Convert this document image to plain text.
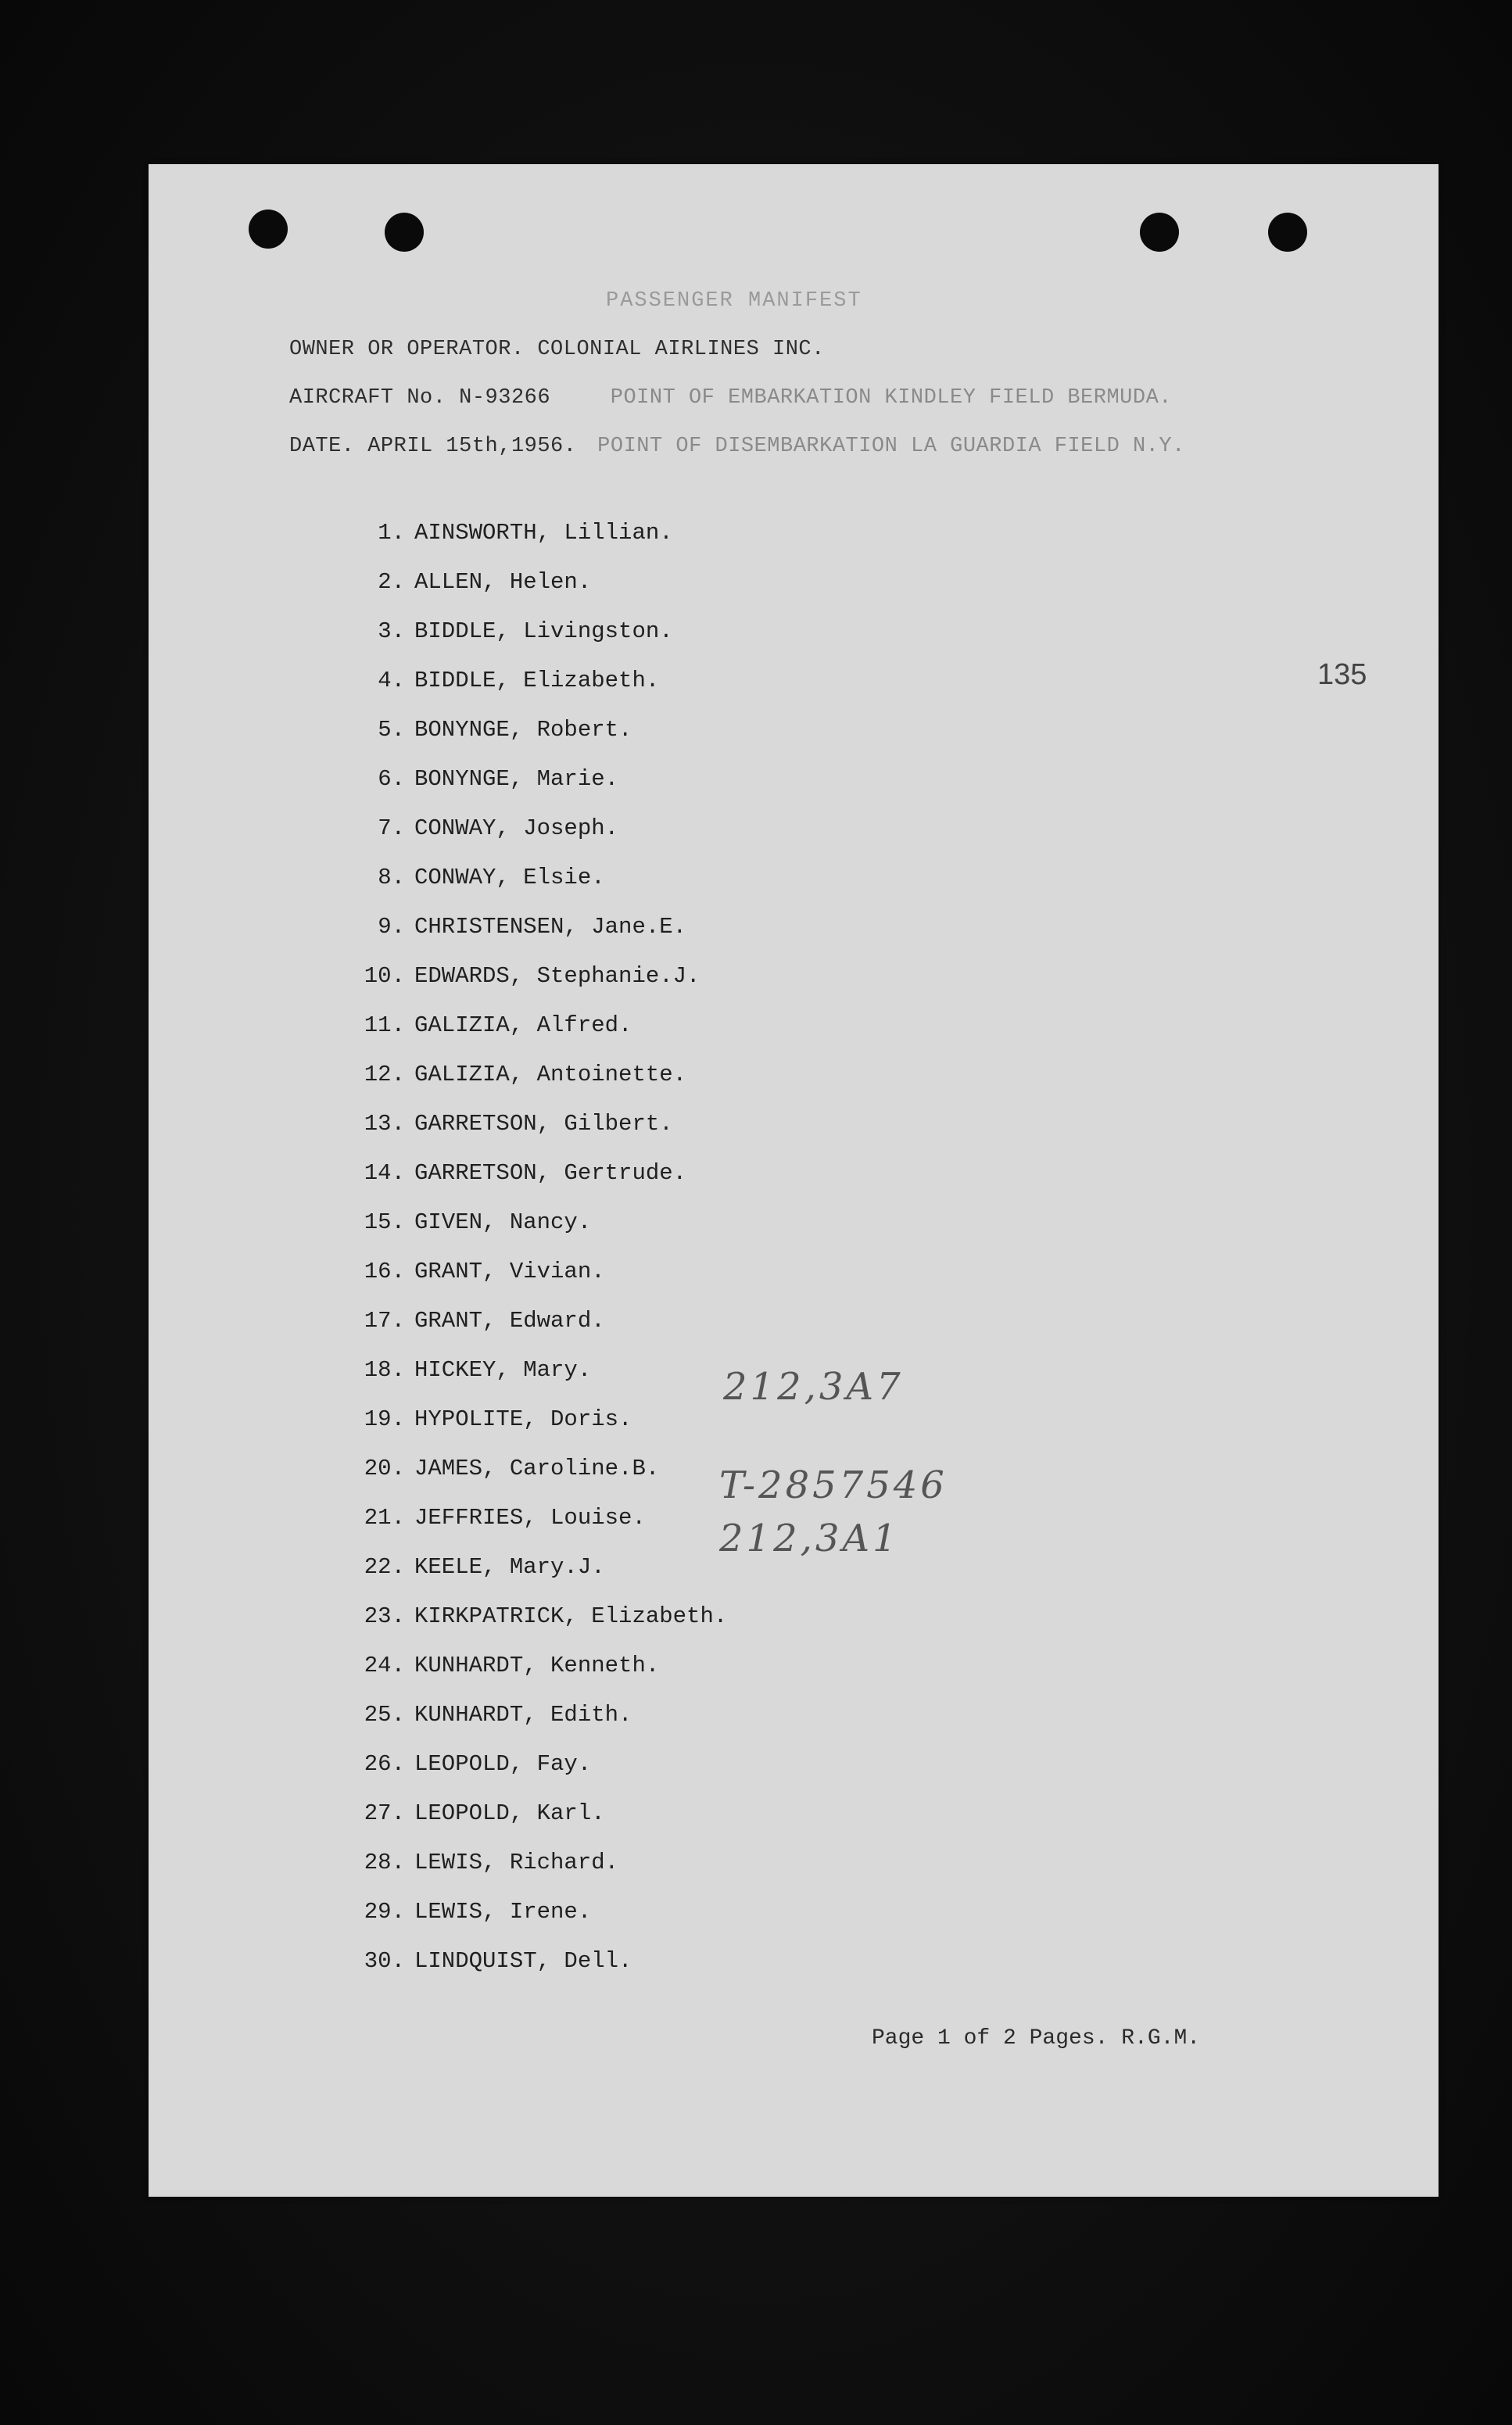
PASSENGER MANIFEST
OWNER OR OPERATOR. COLONIAL AIRLINES INC.
AIRCRAFT No. N-93266	POINT OF EMBARKATION KINDLEY FIELD BERMUDA.
DATE. APRIL 15th,1956. POINT OF DISEMBARKATION LA GUARDIA FIELD N.Y.
135
1. AINSWORTH, Lillian.
2. ALLEN, Helen.
3. BIDDLE, Livingston.
4. BIDDLE, Elizabeth.
5. BONYNGE, Robert.
6. BONYNGE, Marie.
7. CONWAY, Joseph.
8. CONWAY, Elsie.
9. CHRISTENSEN, Jane.E.
10. EDWARDS, Stephanie.J.
11. GALIZIA, Alfred.
12. GALIZIA, Antoinette.
13. GARRETSON, Gilbert.
14. GARRETSON, Gertrude.
15. GIVEN, Nancy.
16. GRANT, Vivian.
17. GRANT, Edward.
18. HICKEY, Mary.
19. HYPOLITE, Doris.
20. JAMES, Caroline.B.
21. JEFFRIES, Louise.
22. KEELE, Mary.J.
23. KIRKPATRICK, Elizabeth.
24. KUNHARDT, Kenneth.
25. KUNHARDT, Edith.
26. LEOPOLD, Fay.
27. LEOPOLD, Karl.
28. LEWIS, Richard.
29. LEWIS, Irene.
30. LINDQUIST, Dell.
212,3A7
T-2857546
212,3A1
Page 1 of 2 Pages. R.G.M.
